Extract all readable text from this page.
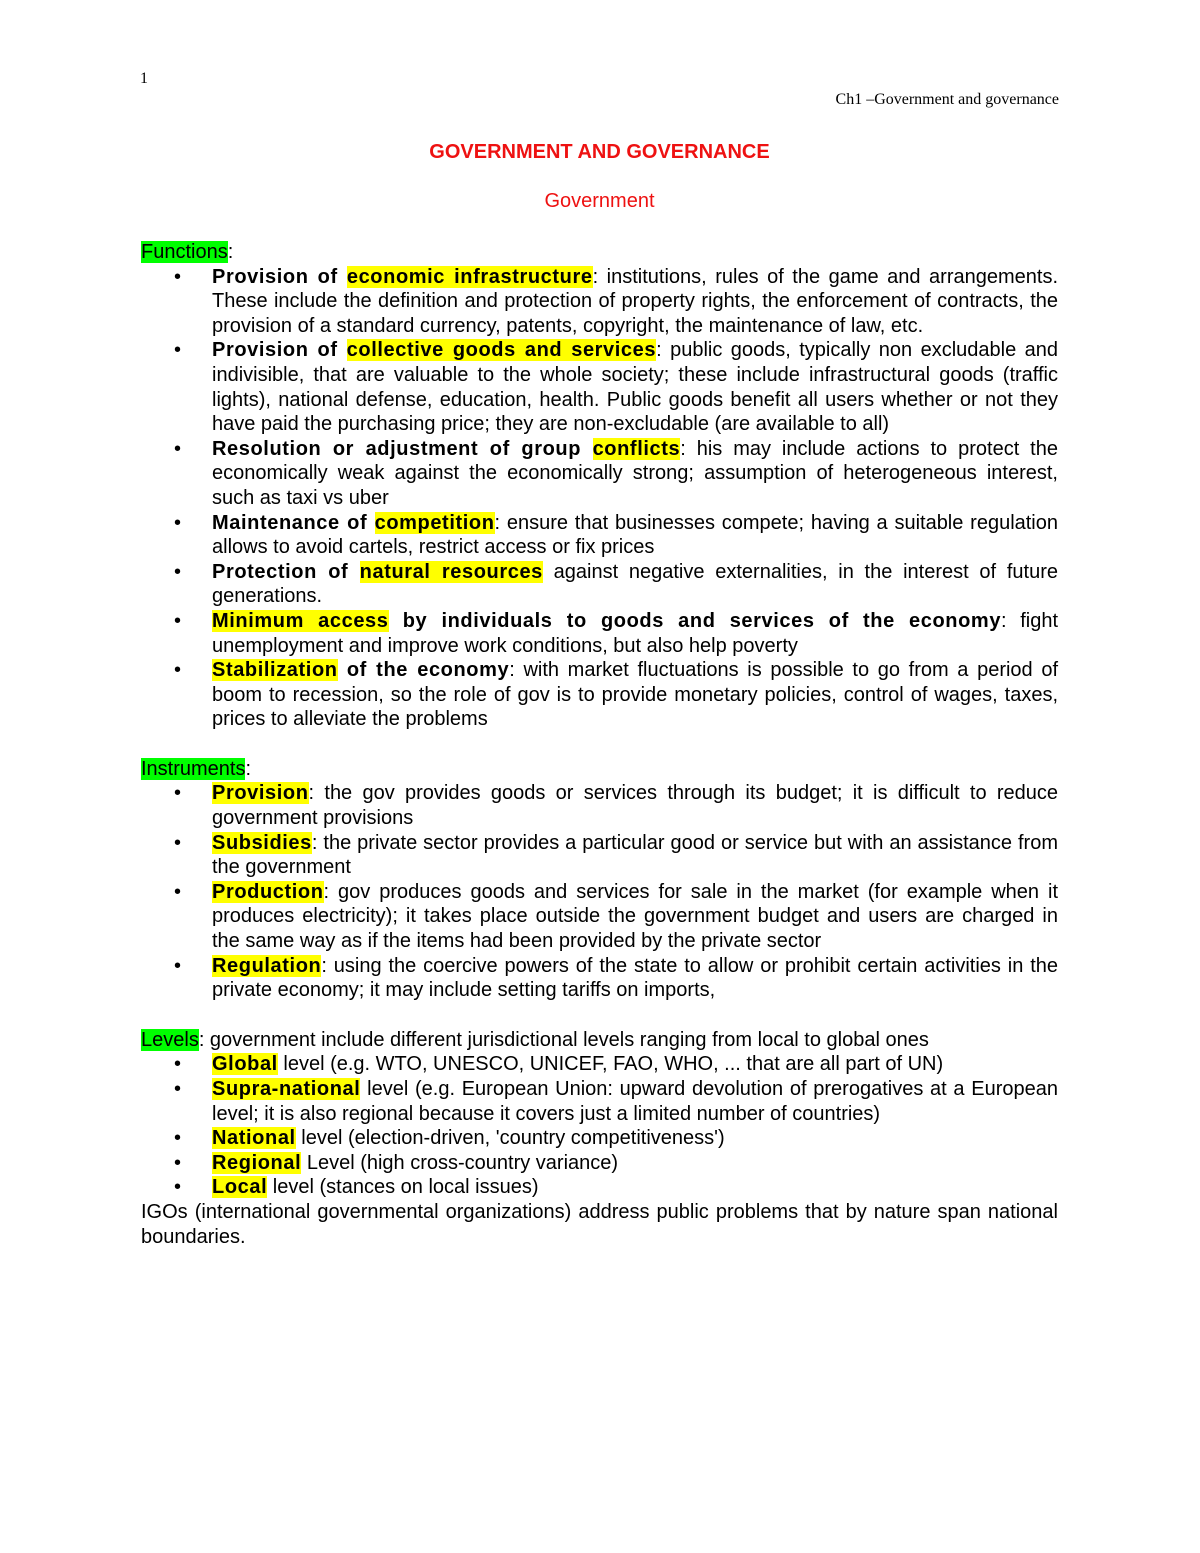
1
Ch1 –Government and governance
GOVERNMENT AND GOVERNANCE
Government
Functions:
• Provision of economic infrastructure: institutions, rules of the game and arrangements. These include the definition and protection of property rights, the enforcement of contracts, the provision of a standard currency, patents, copyright, the maintenance of law, etc.
• Provision of collective goods and services: public goods, typically non excludable and indivisible, that are valuable to the whole society; these include infrastructural goods (traffic lights), national defense, education, health. Public goods benefit all users whether or not they have paid the purchasing price; they are non-excludable (are available to all)
• Resolution or adjustment of group conflicts: his may include actions to protect the economically weak against the economically strong; assumption of heterogeneous interest, such as taxi vs uber
• Maintenance of competition: ensure that businesses compete; having a suitable regulation allows to avoid cartels, restrict access or fix prices
• Protection of natural resources against negative externalities, in the interest of future generations.
• Minimum access by individuals to goods and services of the economy: fight unemployment and improve work conditions, but also help poverty
• Stabilization of the economy: with market fluctuations is possible to go from a period of boom to recession, so the role of gov is to provide monetary policies, control of wages, taxes, prices to alleviate the problems
Instruments:
• Provision: the gov provides goods or services through its budget; it is difficult to reduce government provisions
• Subsidies: the private sector provides a particular good or service but with an assistance from the government
• Production: gov produces goods and services for sale in the market (for example when it produces electricity); it takes place outside the government budget and users are charged in the same way as if the items had been provided by the private sector
• Regulation: using the coercive powers of the state to allow or prohibit certain activities in the private economy; it may include setting tariffs on imports,
Levels: government include different jurisdictional levels ranging from local to global ones
• Global level (e.g. WTO, UNESCO, UNICEF, FAO, WHO, ... that are all part of UN)
• Supra-national level (e.g. European Union: upward devolution of prerogatives at a European level; it is also regional because it covers just a limited number of countries)
• National level (election-driven, 'country competitiveness')
• Regional Level (high cross-country variance)
• Local level (stances on local issues)
IGOs (international governmental organizations) address public problems that by nature span national boundaries.
